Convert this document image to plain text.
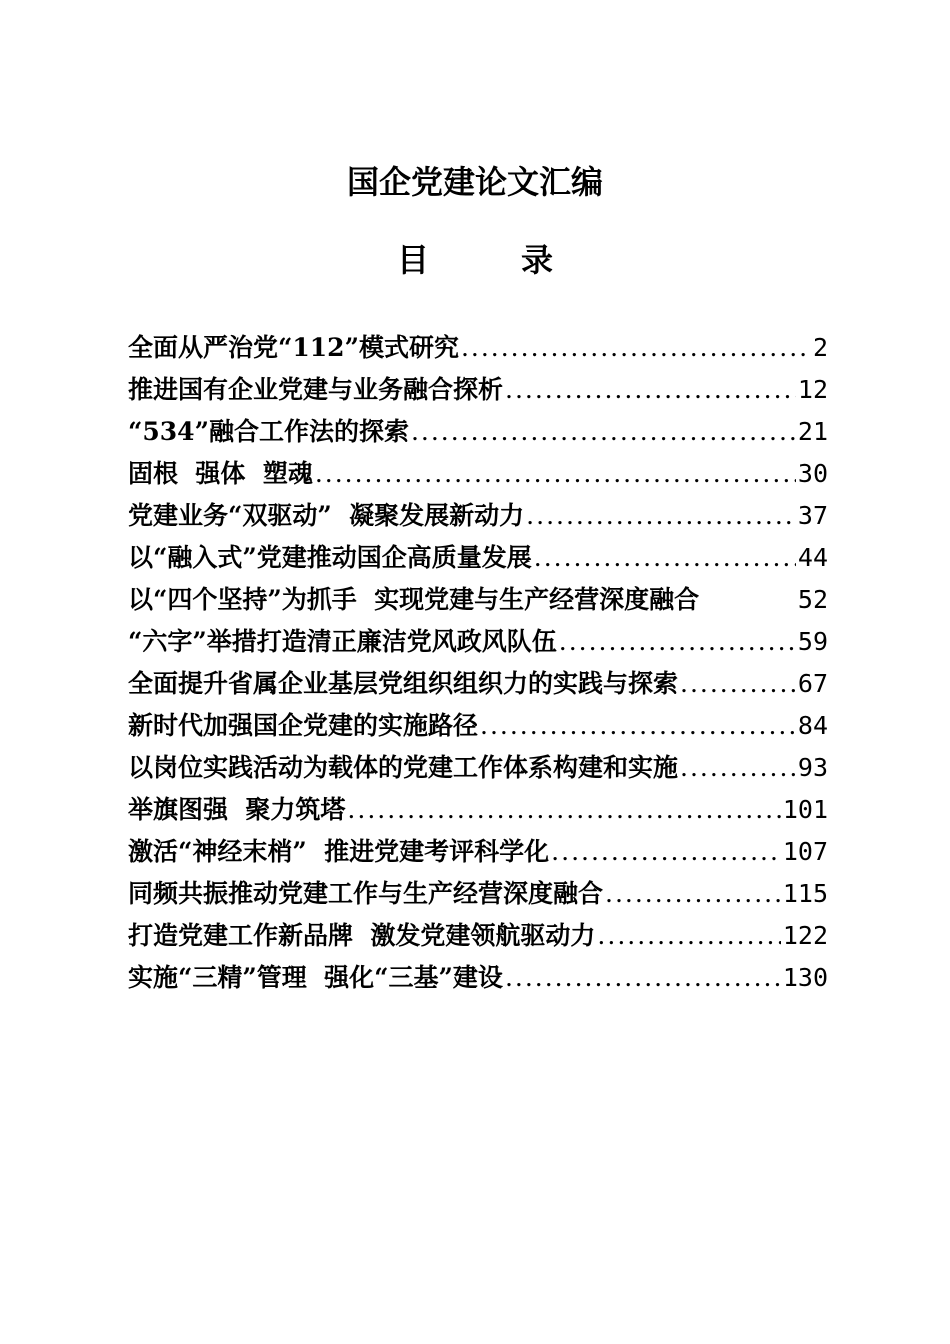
国企党建论文汇编
目　录
全面从严治党“112”模式研究 .....	2
推进国有企业党建与业务融合探析 .....	12
“534”融合工作法的探索 .....	21
固根  强体  塑魂 .....	30
党建业务“双驱动”  凝聚发展新动力 .....	37
以“融入式”党建推动国企高质量发展 .....	44
以“四个坚持”为抓手  实现党建与生产经营深度融合	52
“六字”举措打造清正廉洁党风政风队伍 .....	59
全面提升省属企业基层党组织组织力的实践与探索 .....	67
新时代加强国企党建的实施路径 .....	84
以岗位实践活动为载体的党建工作体系构建和实施 .....	93
举旗图强  聚力筑塔 .....	101
激活“神经末梢”  推进党建考评科学化 .....	107
同频共振推动党建工作与生产经营深度融合 .....	115
打造党建工作新品牌  激发党建领航驱动力 .....	122
实施“三精”管理  强化“三基”建设 .....	130
